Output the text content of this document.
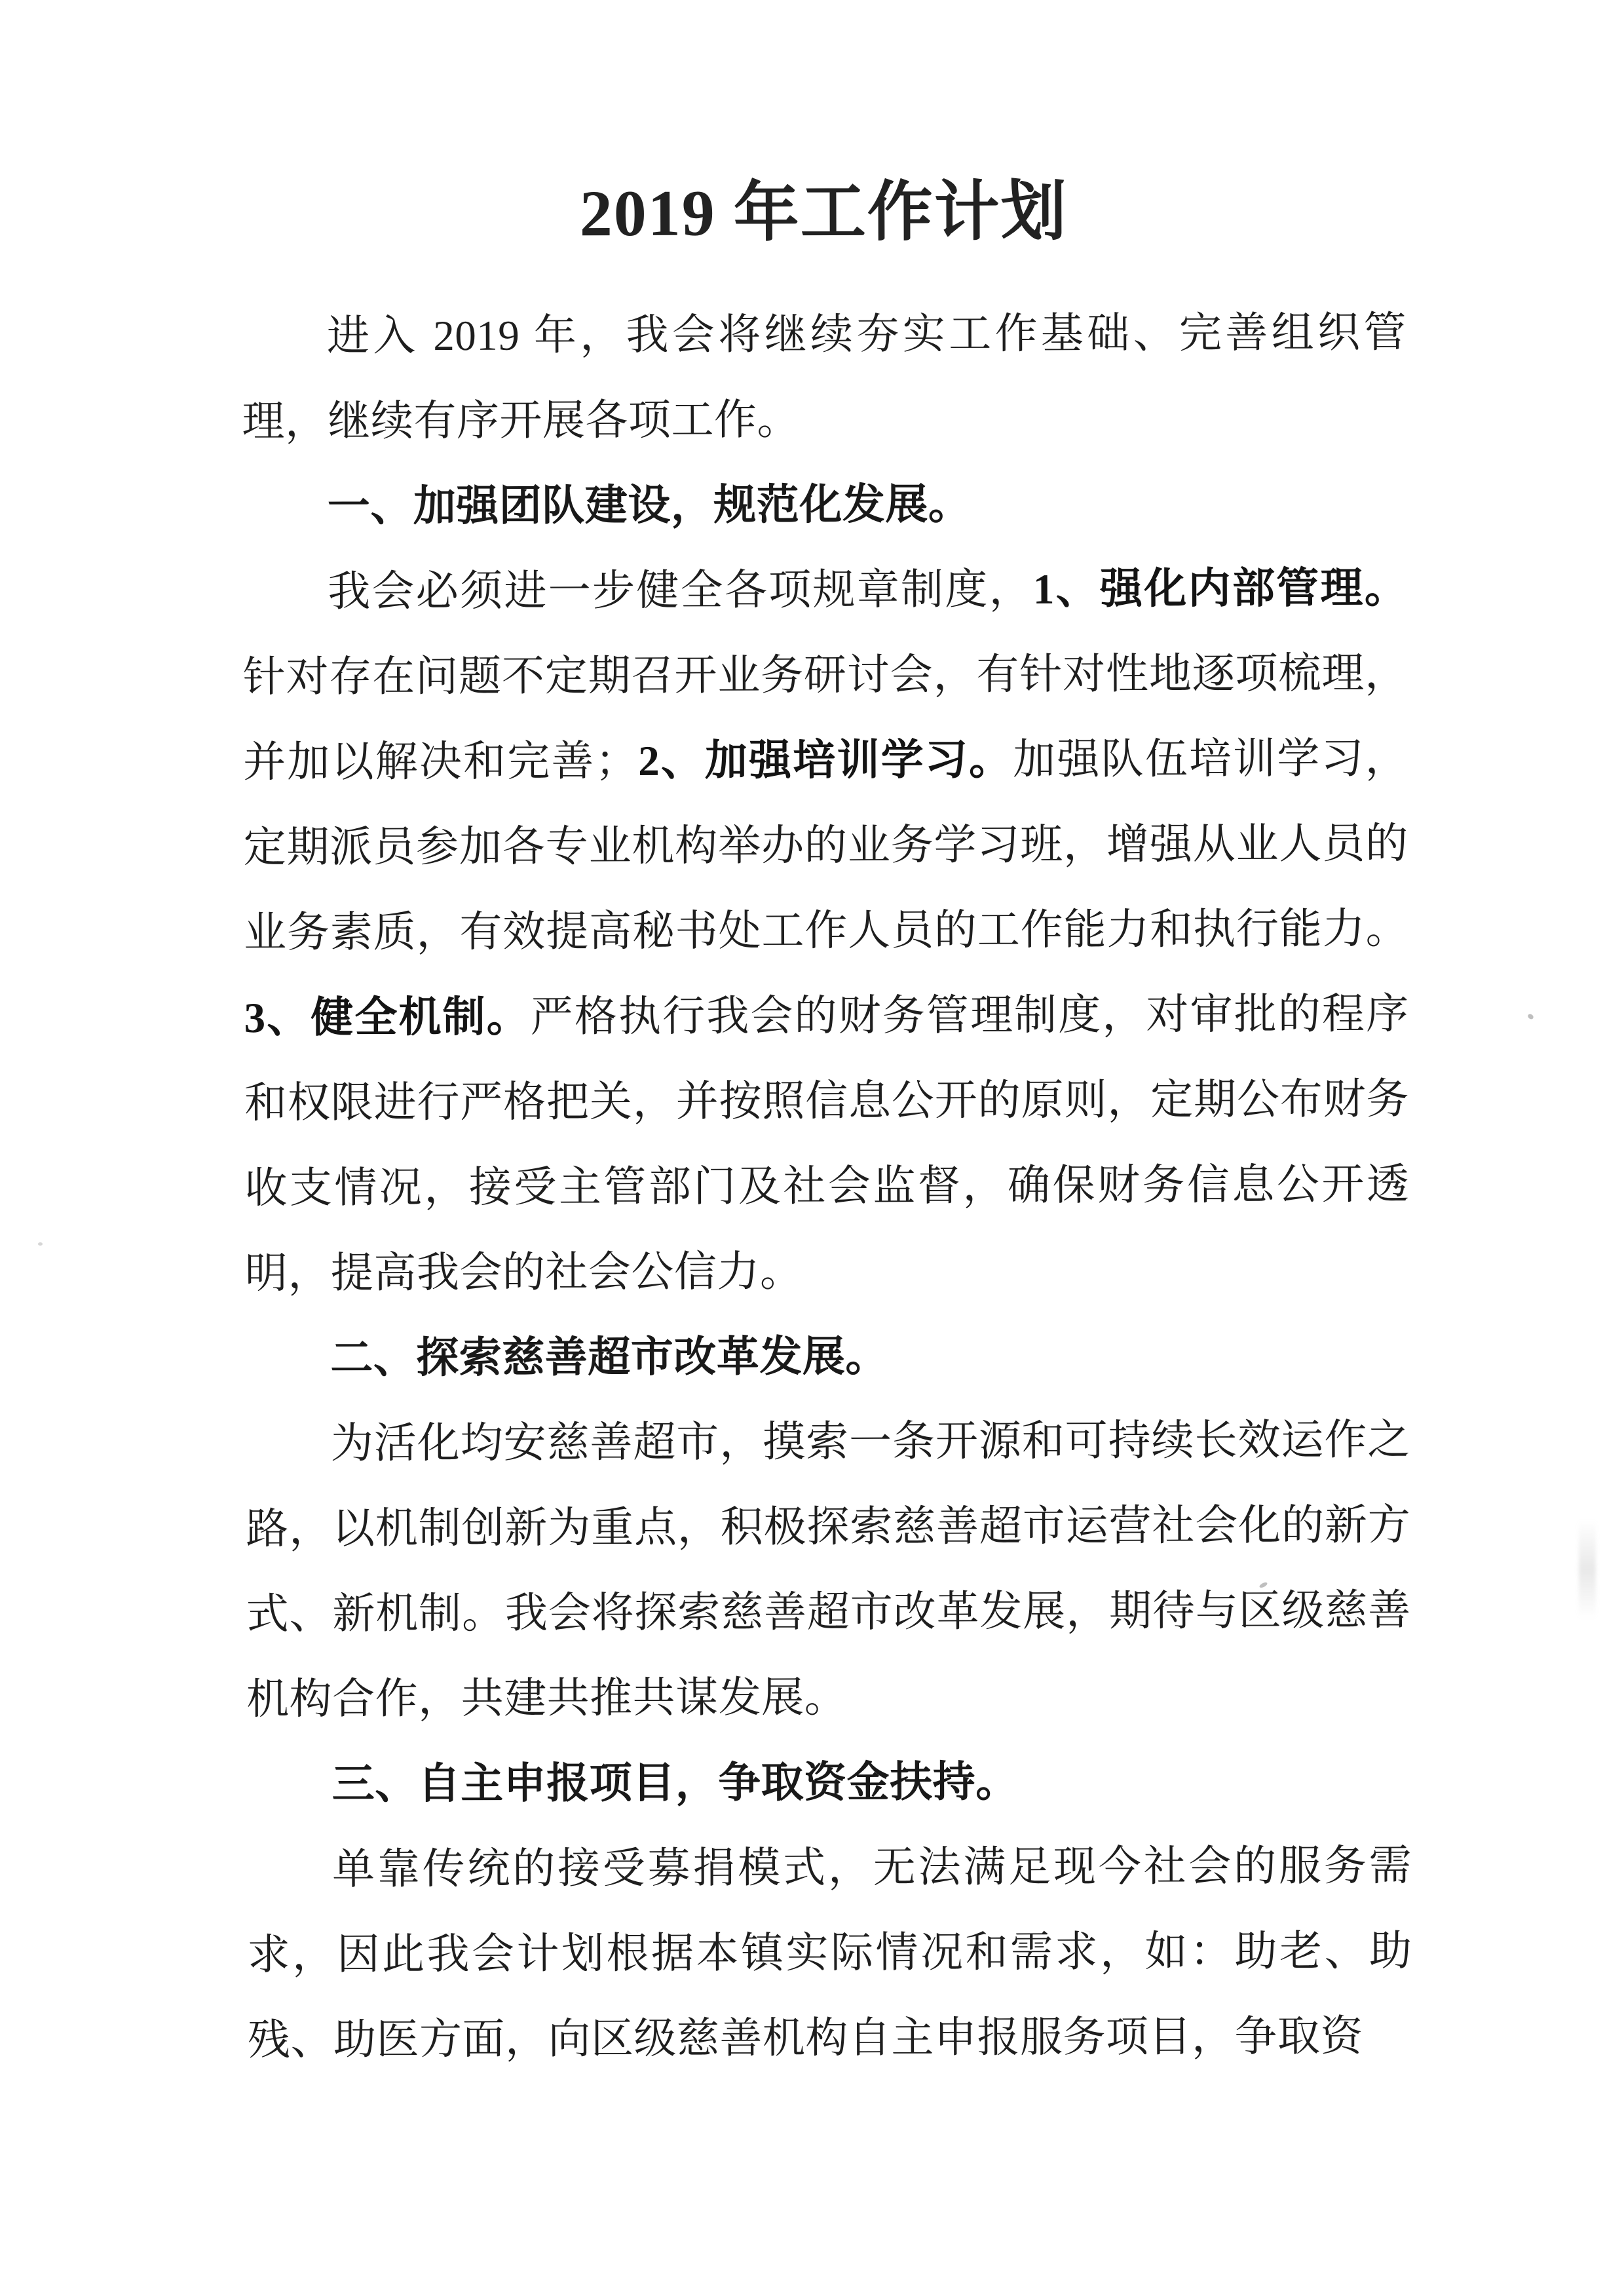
2019 年工作计划

进入 2019 年，我会将继续夯实工作基础、完善组织管理，继续有序开展各项工作。

一、加强团队建设，规范化发展。

我会必须进一步健全各项规章制度，1、强化内部管理。针对存在问题不定期召开业务研讨会，有针对性地逐项梳理，并加以解决和完善；2、加强培训学习。加强队伍培训学习，定期派员参加各专业机构举办的业务学习班，增强从业人员的业务素质，有效提高秘书处工作人员的工作能力和执行能力。3、健全机制。严格执行我会的财务管理制度，对审批的程序和权限进行严格把关，并按照信息公开的原则，定期公布财务收支情况，接受主管部门及社会监督，确保财务信息公开透明，提高我会的社会公信力。

二、探索慈善超市改革发展。

为活化均安慈善超市，摸索一条开源和可持续长效运作之路，以机制创新为重点，积极探索慈善超市运营社会化的新方式、新机制。我会将探索慈善超市改革发展，期待与区级慈善机构合作，共建共推共谋发展。

三、自主申报项目，争取资金扶持。

单靠传统的接受募捐模式，无法满足现今社会的服务需求，因此我会计划根据本镇实际情况和需求，如：助老、助残、助医方面，向区级慈善机构自主申报服务项目，争取资
